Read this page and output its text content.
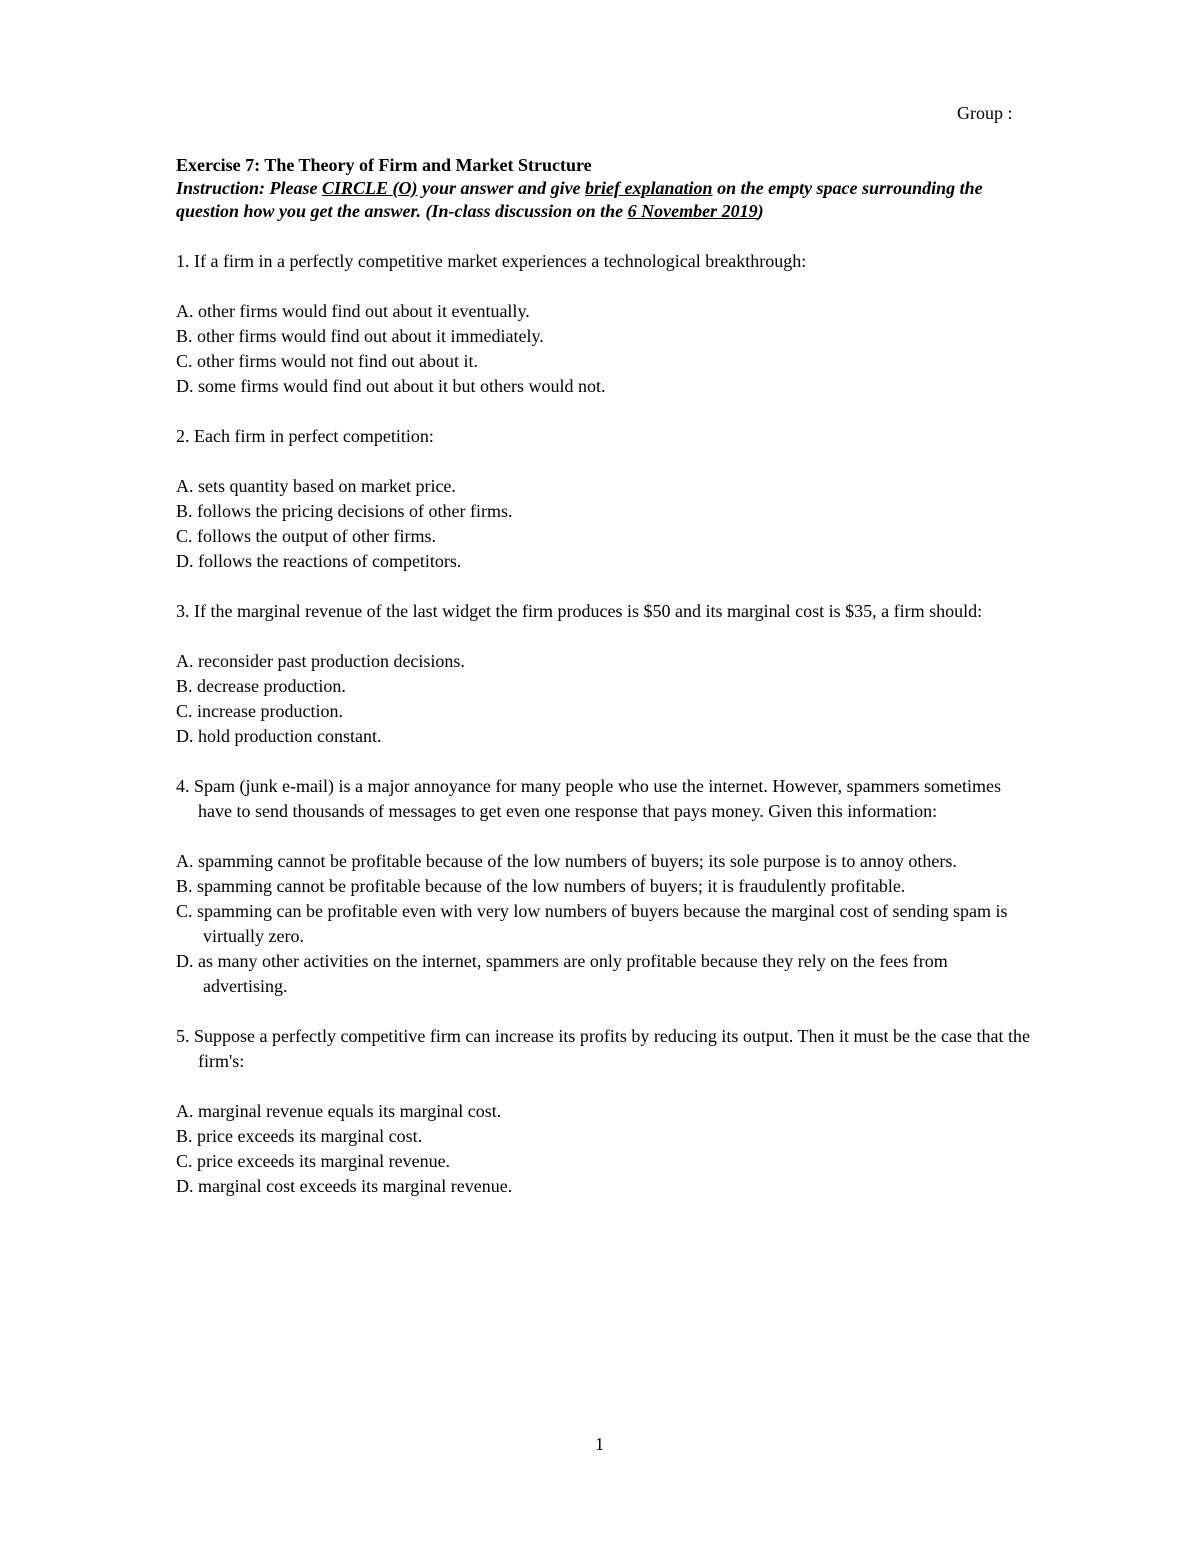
Group :
Exercise 7: The Theory of Firm and Market Structure
Instruction: Please CIRCLE (O) your answer and give brief explanation on the empty space surrounding the question how you get the answer. (In-class discussion on the 6 November 2019)
1. If a firm in a perfectly competitive market experiences a technological breakthrough:
A. other firms would find out about it eventually.
B. other firms would find out about it immediately.
C. other firms would not find out about it.
D. some firms would find out about it but others would not.
2. Each firm in perfect competition:
A. sets quantity based on market price.
B. follows the pricing decisions of other firms.
C. follows the output of other firms.
D. follows the reactions of competitors.
3. If the marginal revenue of the last widget the firm produces is $50 and its marginal cost is $35, a firm should:
A. reconsider past production decisions.
B. decrease production.
C. increase production.
D. hold production constant.
4. Spam (junk e-mail) is a major annoyance for many people who use the internet. However, spammers sometimes have to send thousands of messages to get even one response that pays money. Given this information:
A. spamming cannot be profitable because of the low numbers of buyers; its sole purpose is to annoy others.
B. spamming cannot be profitable because of the low numbers of buyers; it is fraudulently profitable.
C. spamming can be profitable even with very low numbers of buyers because the marginal cost of sending spam is virtually zero.
D. as many other activities on the internet, spammers are only profitable because they rely on the fees from advertising.
5. Suppose a perfectly competitive firm can increase its profits by reducing its output. Then it must be the case that the firm's:
A. marginal revenue equals its marginal cost.
B. price exceeds its marginal cost.
C. price exceeds its marginal revenue.
D. marginal cost exceeds its marginal revenue.
1
